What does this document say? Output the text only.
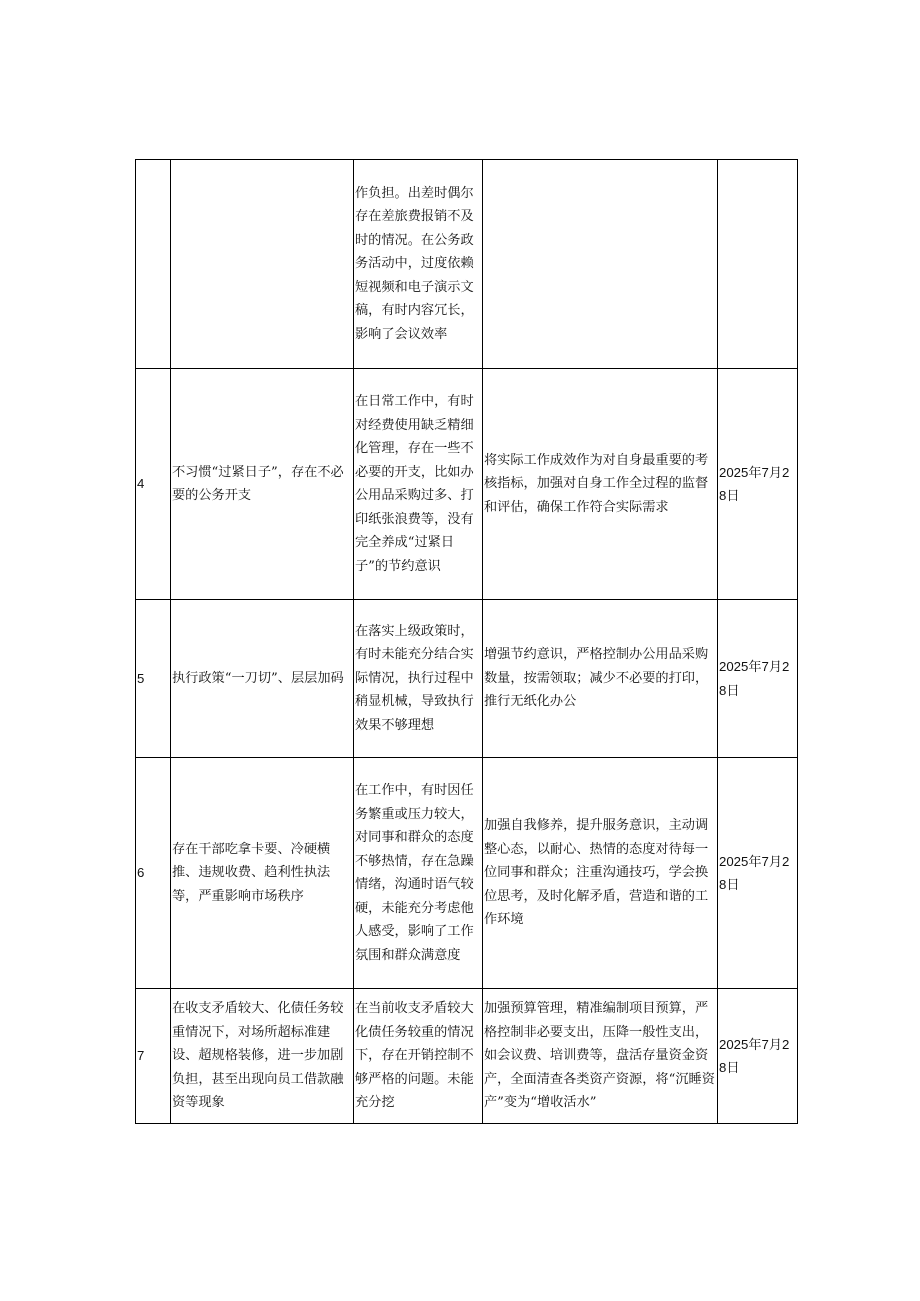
		作负担。出差时偶尔存在差旅费报销不及时的情况。在公务政务活动中，过度依赖短视频和电子演示文稿，有时内容冗长，影响了会议效率		
4	不习惯“过紧日子”，存在不必要的公务开支	在日常工作中，有时对经费使用缺乏精细化管理，存在一些不必要的开支，比如办公用品采购过多、打印纸张浪费等，没有完全养成“过紧日子”的节约意识	将实际工作成效作为对自身最重要的考核指标，加强对自身工作全过程的监督和评估，确保工作符合实际需求	2025年7月28日
5	执行政策“一刀切”、层层加码	在落实上级政策时，有时未能充分结合实际情况，执行过程中稍显机械，导致执行效果不够理想	增强节约意识，严格控制办公用品采购数量，按需领取；减少不必要的打印，推行无纸化办公	2025年7月28日
6	存在干部吃拿卡要、冷硬横推、违规收费、趋利性执法等，严重影响市场秩序	在工作中，有时因任务繁重或压力较大，对同事和群众的态度不够热情，存在急躁情绪，沟通时语气较硬，未能充分考虑他人感受，影响了工作氛围和群众满意度	加强自我修养，提升服务意识，主动调整心态，以耐心、热情的态度对待每一位同事和群众；注重沟通技巧，学会换位思考，及时化解矛盾，营造和谐的工作环境	2025年7月28日
7	在收支矛盾较大、化债任务较重情况下，对场所超标准建设、超规格装修，进一步加剧负担，甚至出现向员工借款融资等现象	在当前收支矛盾较大化债任务较重的情况下，存在开销控制不够严格的问题。未能充分挖	加强预算管理，精准编制项目预算，严格控制非必要支出，压降一般性支出，如会议费、培训费等，盘活存量资金资产，全面清查各类资产资源，将“沉睡资产”变为“增收活水”	2025年7月28日
